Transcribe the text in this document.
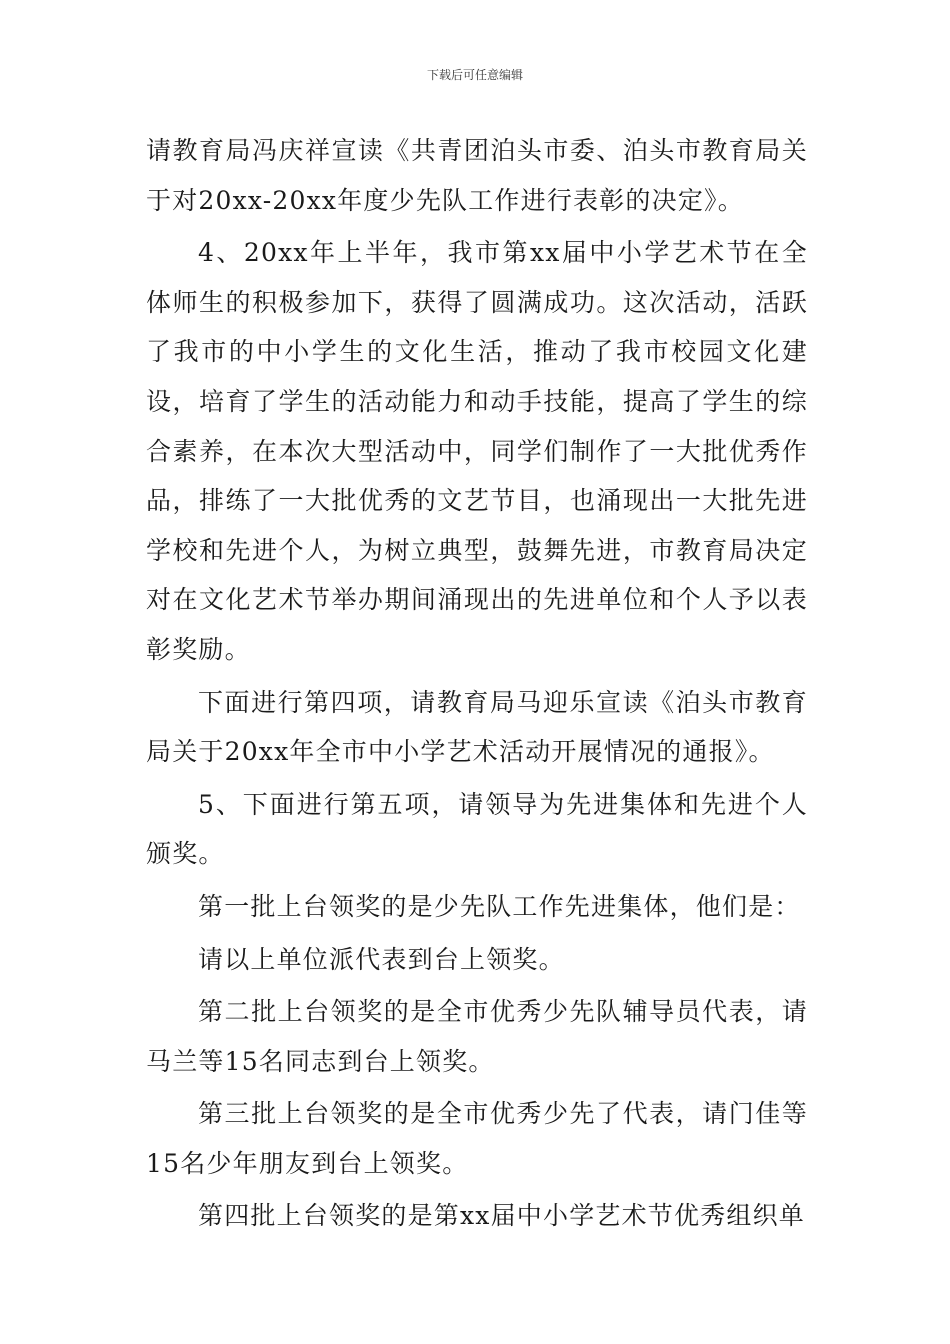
下载后可任意编辑

请教育局冯庆祥宣读《共青团泊头市委、泊头市教育局关于对20xx-20xx年度少先队工作进行表彰的决定》。

4、20xx年上半年，我市第xx届中小学艺术节在全体师生的积极参加下，获得了圆满成功。这次活动，活跃了我市的中小学生的文化生活，推动了我市校园文化建设，培育了学生的活动能力和动手技能，提高了学生的综合素养，在本次大型活动中，同学们制作了一大批优秀作品，排练了一大批优秀的文艺节目，也涌现出一大批先进学校和先进个人，为树立典型，鼓舞先进，市教育局决定对在文化艺术节举办期间涌现出的先进单位和个人予以表彰奖励。

下面进行第四项，请教育局马迎乐宣读《泊头市教育局关于20xx年全市中小学艺术活动开展情况的通报》。

5、下面进行第五项，请领导为先进集体和先进个人颁奖。

第一批上台领奖的是少先队工作先进集体，他们是：

请以上单位派代表到台上领奖。

第二批上台领奖的是全市优秀少先队辅导员代表，请马兰等15名同志到台上领奖。

第三批上台领奖的是全市优秀少先了代表，请门佳等15名少年朋友到台上领奖。

第四批上台领奖的是第xx届中小学艺术节优秀组织单
